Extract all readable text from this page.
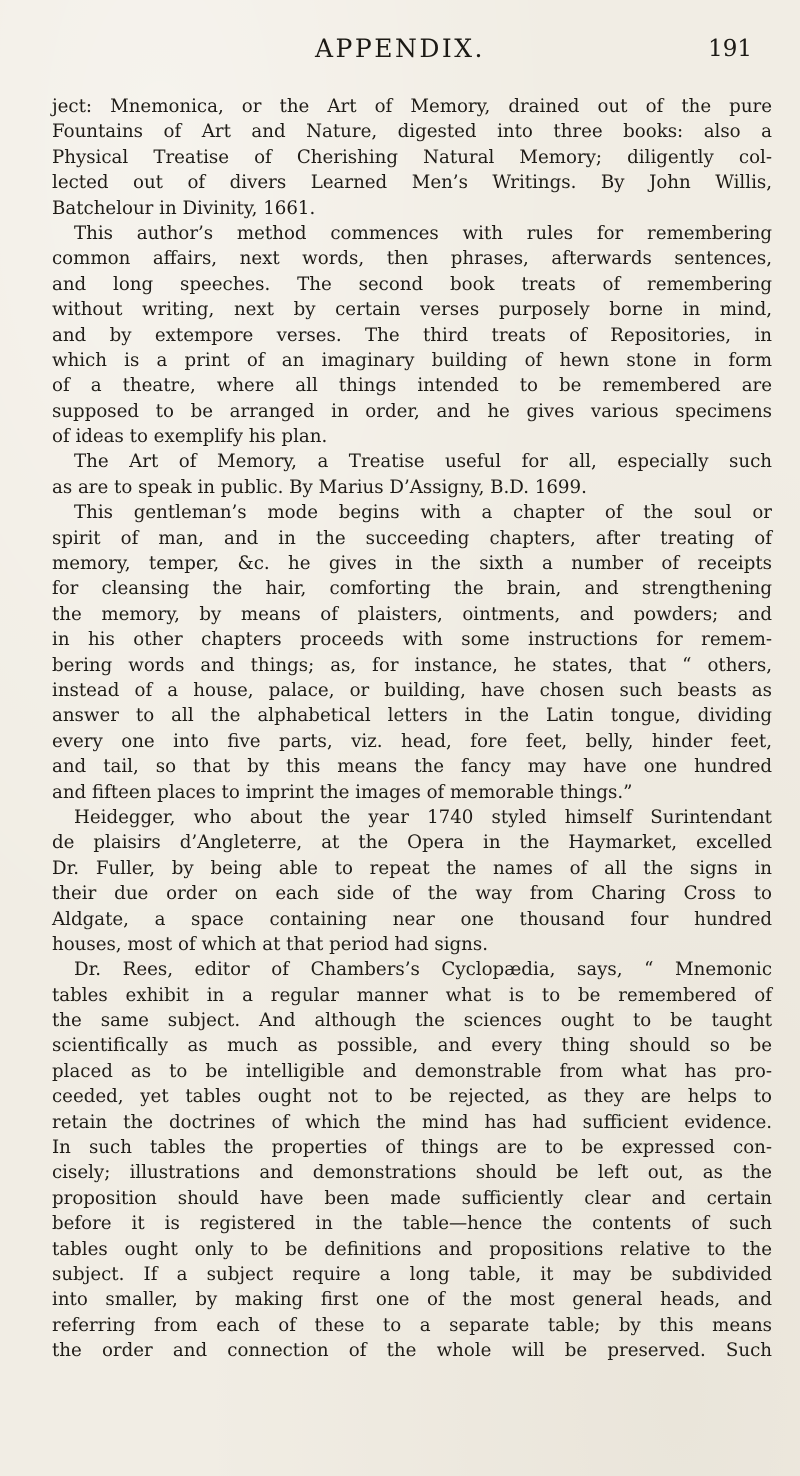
APPENDIX.	191
ject: Mnemonica, or the Art of Memory, drained out of the pure
Fountains of Art and Nature, digested into three books: also a
Physical Treatise of Cherishing Natural Memory; diligently col-
lected out of divers Learned Men’s Writings. By John Willis,
Batchelour in Divinity, 1661.
This author’s method commences with rules for remembering
common affairs, next words, then phrases, afterwards sentences,
and long speeches. The second book treats of remembering
without writing, next by certain verses purposely borne in mind,
and by extempore verses. The third treats of Repositories, in
which is a print of an imaginary building of hewn stone in form
of a theatre, where all things intended to be remembered are
supposed to be arranged in order, and he gives various specimens
of ideas to exemplify his plan.
The Art of Memory, a Treatise useful for all, especially such
as are to speak in public. By Marius D’Assigny, B.D. 1699.
This gentleman’s mode begins with a chapter of the soul or
spirit of man, and in the succeeding chapters, after treating of
memory, temper, &c. he gives in the sixth a number of receipts
for cleansing the hair, comforting the brain, and strengthening
the memory, by means of plaisters, ointments, and powders; and
in his other chapters proceeds with some instructions for remem-
bering words and things; as, for instance, he states, that “ others,
instead of a house, palace, or building, have chosen such beasts as
answer to all the alphabetical letters in the Latin tongue, dividing
every one into five parts, viz. head, fore feet, belly, hinder feet,
and tail, so that by this means the fancy may have one hundred
and fifteen places to imprint the images of memorable things.”
Heidegger, who about the year 1740 styled himself Surintendant
de plaisirs d’Angleterre, at the Opera in the Haymarket, excelled
Dr. Fuller, by being able to repeat the names of all the signs in
their due order on each side of the way from Charing Cross to
Aldgate, a space containing near one thousand four hundred
houses, most of which at that period had signs.
Dr. Rees, editor of Chambers’s Cyclopædia, says, “ Mnemonic
tables exhibit in a regular manner what is to be remembered of
the same subject. And although the sciences ought to be taught
scientifically as much as possible, and every thing should so be
placed as to be intelligible and demonstrable from what has pro-
ceeded, yet tables ought not to be rejected, as they are helps to
retain the doctrines of which the mind has had sufficient evidence.
In such tables the properties of things are to be expressed con-
cisely; illustrations and demonstrations should be left out, as the
proposition should have been made sufficiently clear and certain
before it is registered in the table—hence the contents of such
tables ought only to be definitions and propositions relative to the
subject. If a subject require a long table, it may be subdivided
into smaller, by making first one of the most general heads, and
referring from each of these to a separate table; by this means
the order and connection of the whole will be preserved. Such
